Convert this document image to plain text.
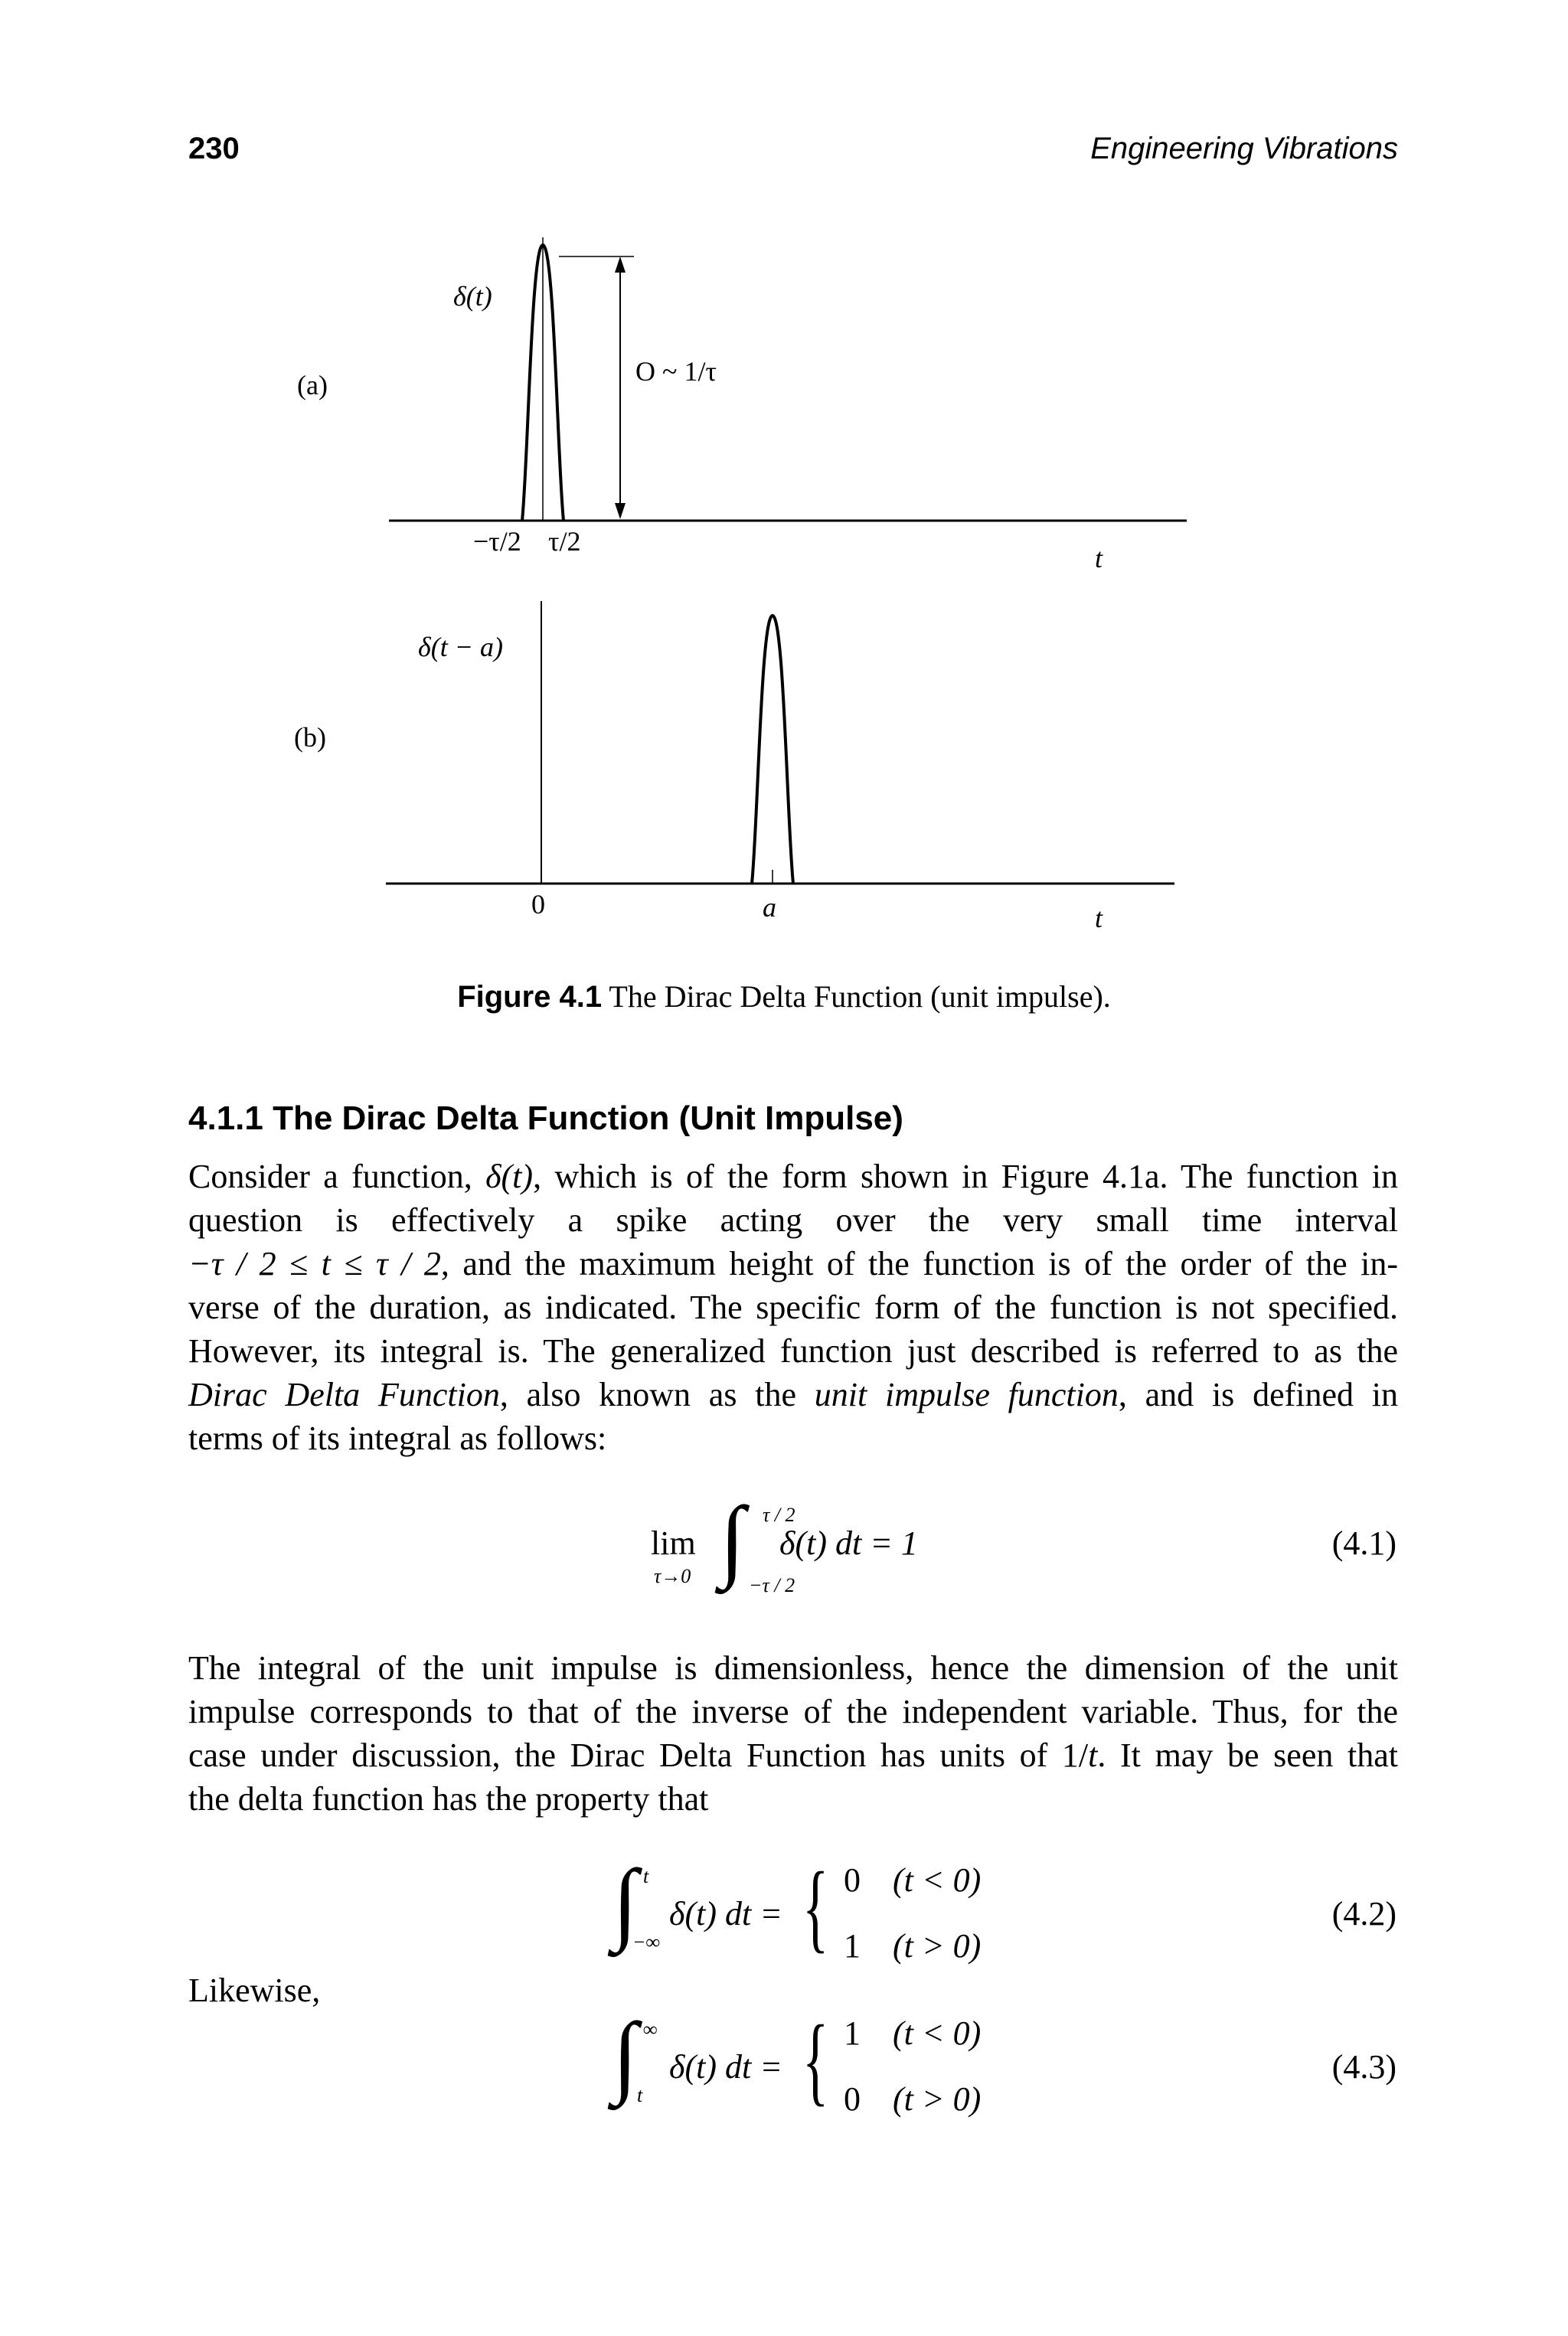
230	Engineering Vibrations
(a)
δ(t)
O ~ 1/τ
−τ/2 τ/2
t
(b)
δ(t − a)
0	a	t
Figure 4.1 The Dirac Delta Function (unit impulse).
4.1.1 The Dirac Delta Function (Unit Impulse)
Consider a function, δ(t), which is of the form shown in Figure 4.1a. The function in
question is effectively a spike acting over the very small time interval
−τ / 2 ≤ t ≤ τ / 2, and the maximum height of the function is of the order of the in-
verse of the duration, as indicated. The specific form of the function is not specified.
However, its integral is. The generalized function just described is referred to as the
Dirac Delta Function, also known as the unit impulse function, and is defined in
terms of its integral as follows:
lim
τ→0 ∫ τ / 2
−τ / 2
δ(t) dt = 1	(4.1)
The integral of the unit impulse is dimensionless, hence the dimension of the unit
impulse corresponds to that of the inverse of the independent variable. Thus, for the
case under discussion, the Dirac Delta Function has units of 1/t. It may be seen that
the delta function has the property that
∫ t
−∞
δ(t) dt = { 0 (t < 0)
1 (t > 0)
(4.2)
Likewise,
∫ ∞
t
δ(t) dt = { 1 (t < 0)
0 (t > 0)
(4.3)
